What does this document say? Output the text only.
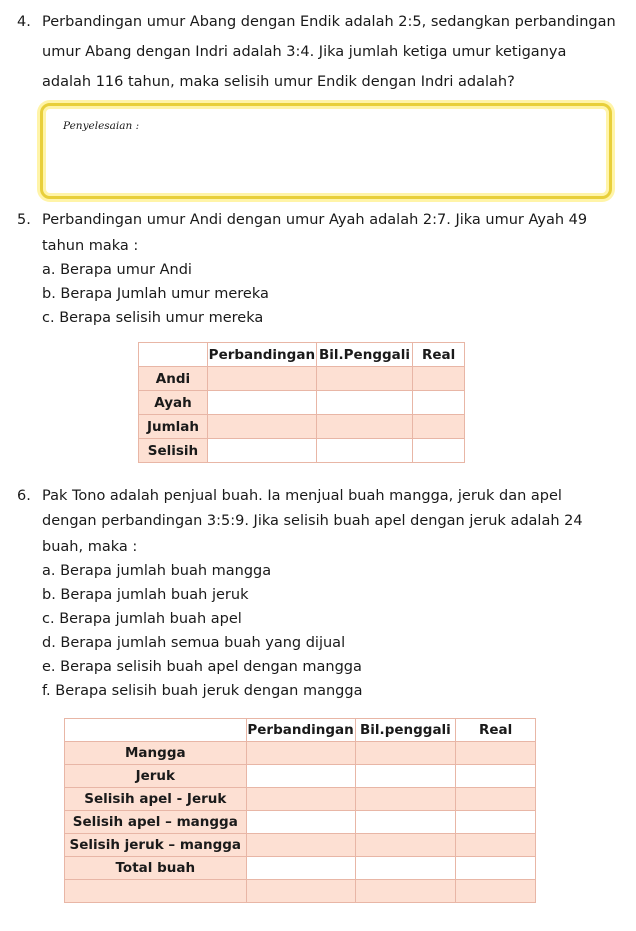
4. Perbandingan umur Abang dengan Endik adalah 2:5, sedangkan perbandingan
umur Abang dengan Indri adalah 3:4. Jika jumlah ketiga umur ketiganya
adalah 116 tahun, maka selisih umur Endik dengan Indri adalah?
Penyelesaian :
5. Perbandingan umur Andi dengan umur Ayah adalah 2:7. Jika umur Ayah 49
tahun maka :
a. Berapa umur Andi
b. Berapa Jumlah umur mereka
c. Berapa selisih umur mereka
	Perbandingan	Bil.Penggali	Real
Andi			
Ayah			
Jumlah			
Selisih			
6. Pak Tono adalah penjual buah. Ia menjual buah mangga, jeruk dan apel
dengan perbandingan 3:5:9. Jika selisih buah apel dengan jeruk adalah 24
buah, maka :
a. Berapa jumlah buah mangga
b. Berapa jumlah buah jeruk
c. Berapa jumlah buah apel
d. Berapa jumlah semua buah yang dijual
e. Berapa selisih buah apel dengan mangga
f. Berapa selisih buah jeruk dengan mangga
	Perbandingan	Bil.penggali	Real
Mangga			
Jeruk			
Selisih apel - Jeruk			
Selisih apel – mangga			
Selisih jeruk – mangga			
Total buah			
